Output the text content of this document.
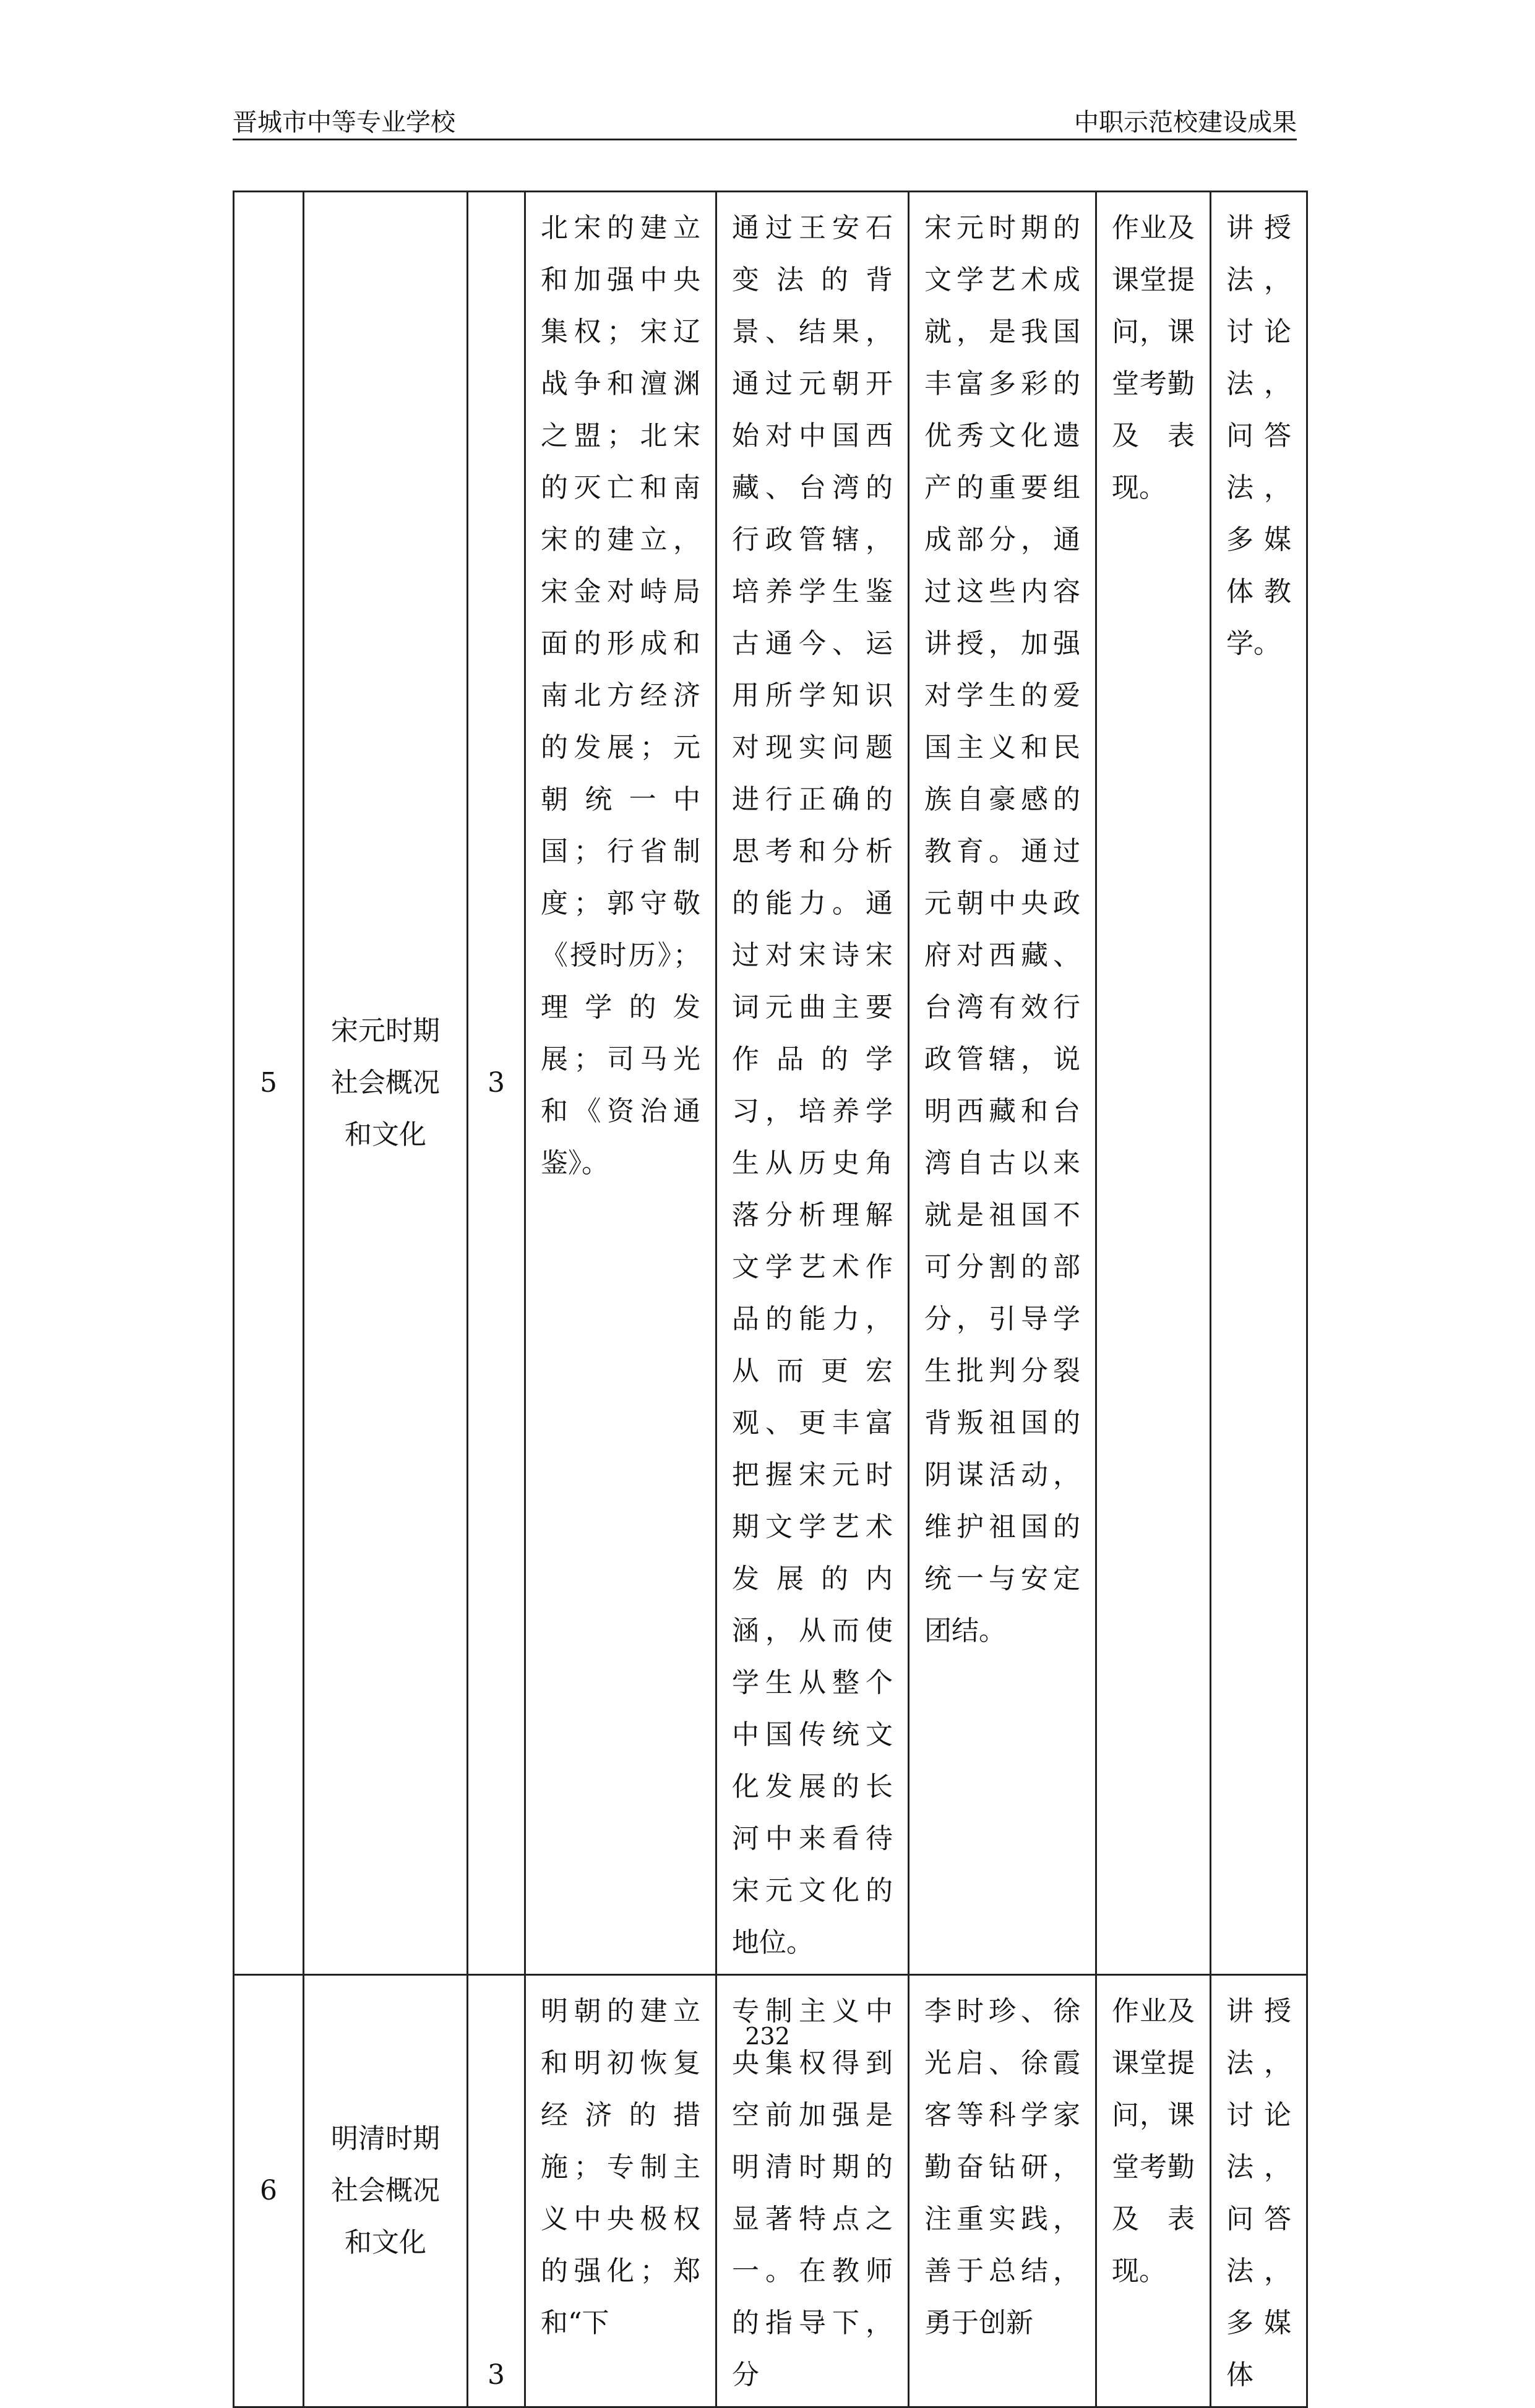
晋城市中等专业学校	中职示范校建设成果
5	宋元时期社会概况和文化	3	北宋的建立和加强中央集权；宋辽战争和澶渊之盟；北宋的灭亡和南宋的建立，宋金对峙局面的形成和南北方经济的发展；元朝统一中国；行省制度；郭守敬《授时历》；理学的发展；司马光和《资治通鉴》。	通过王安石变法的背景、结果，通过元朝开始对中国西藏、台湾的行政管辖，培养学生鉴古通今、运用所学知识对现实问题进行正确的思考和分析的能力。通过对宋诗宋词元曲主要作品的学习，培养学生从历史角落分析理解文学艺术作品的能力，从而更宏观、更丰富把握宋元时期文学艺术发展的内涵，从而使学生从整个中国传统文化发展的长河中来看待宋元文化的地位。	宋元时期的文学艺术成就，是我国丰富多彩的优秀文化遗产的重要组成部分，通过这些内容讲授，加强对学生的爱国主义和民族自豪感的教育。通过元朝中央政府对西藏、台湾有效行政管辖，说明西藏和台湾自古以来就是祖国不可分割的部分，引导学生批判分裂背叛祖国的阴谋活动，维护祖国的统一与安定团结。	作业及课堂提问，课堂考勤及表现。	讲授法，讨论法，问答法，多媒体教学。
6	明清时期社会概况和文化	3	明朝的建立和明初恢复经济的措施；专制主义中央极权的强化；郑和“下	专制主义中央集权得到空前加强是明清时期的显著特点之一。在教师的指导下，分	李时珍、徐光启、徐霞客等科学家勤奋钻研，注重实践，善于总结，勇于创新	作业及课堂提问，课堂考勤及表现。	讲授法，讨论法，问答法，多媒体
232
